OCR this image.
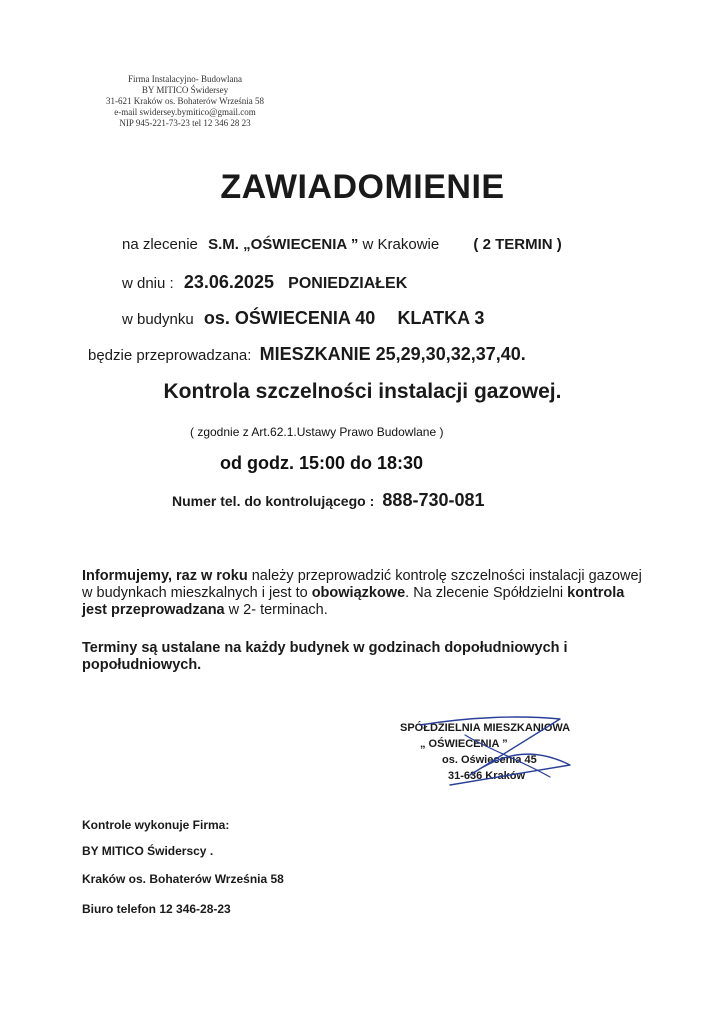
Firma Instalacyjno- Budowlana
BY MITICO Świdersey
31-621 Kraków os. Bohaterów Września 58
e-mail swidersey.bymitico@gmail.com
NIP 945-221-73-23 tel 12 346 28 23
ZAWIADOMIENIE
na zlecenie S.M. „OŚWIECENIA ” w Krakowie ( 2 TERMIN )
w dniu : 23.06.2025 PONIEDZIAŁEK
w budynku os. OŚWIECENIA 40 KLATKA 3
będzie przeprowadzana: MIESZKANIE 25,29,30,32,37,40.
Kontrola szczelności instalacji gazowej.
( zgodnie z Art.62.1.Ustawy Prawo Budowlane )
od godz. 15:00 do 18:30
Numer tel. do kontrolującego : 888-730-081
Informujemy, raz w roku należy przeprowadzić kontrolę szczelności instalacji gazowej w budynkach mieszkalnych i jest to obowiązkowe. Na zlecenie Spółdzielni kontrola jest przeprowadzana w 2- terminach.
Terminy są ustalane na każdy budynek w godzinach dopołudniowych i popołudniowych.
SPÓŁDZIELNIA MIESZKANIOWA
„ OŚWIECENIA ”
os. Oświecenia 45
31-636 Kraków
Kontrole wykonuje Firma:
BY MITICO Świderscy .
Kraków os. Bohaterów Września 58
Biuro telefon 12 346-28-23
